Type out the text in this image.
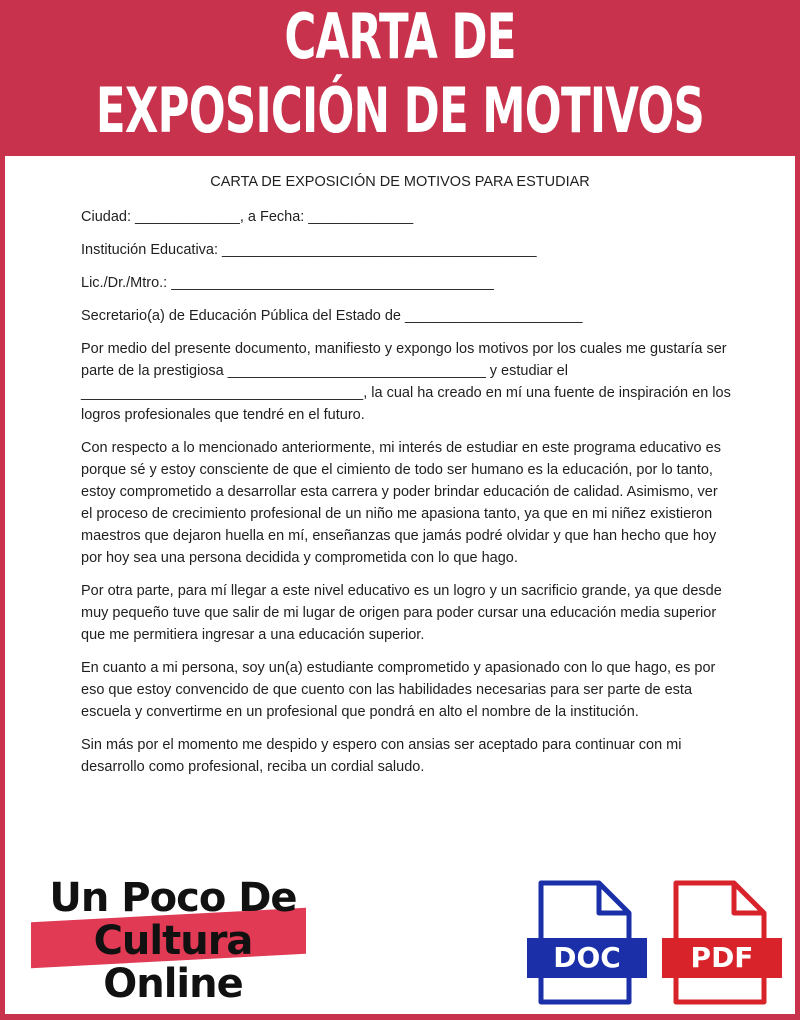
CARTA DE
EXPOSICIÓN DE MOTIVOS
CARTA DE EXPOSICIÓN DE MOTIVOS PARA ESTUDIAR

Ciudad: _____________, a Fecha: _____________

Institución Educativa: _______________________________________

Lic./Dr./Mtro.: ________________________________________

Secretario(a) de Educación Pública del Estado de ______________________

Por medio del presente documento, manifiesto y expongo los motivos por los cuales me gustaría ser parte de la prestigiosa ________________________________ y estudiar el ___________________________________, la cual ha creado en mí una fuente de inspiración en los logros profesionales que tendré en el futuro.

Con respecto a lo mencionado anteriormente, mi interés de estudiar en este programa educativo es porque sé y estoy consciente de que el cimiento de todo ser humano es la educación, por lo tanto, estoy comprometido a desarrollar esta carrera y poder brindar educación de calidad. Asimismo, ver el proceso de crecimiento profesional de un niño me apasiona tanto, ya que en mi niñez existieron maestros que dejaron huella en mí, enseñanzas que jamás podré olvidar y que han hecho que hoy por hoy sea una persona decidida y comprometida con lo que hago.

Por otra parte, para mí llegar a este nivel educativo es un logro y un sacrificio grande, ya que desde muy pequeño tuve que salir de mi lugar de origen para poder cursar una educación media superior que me permitiera ingresar a una educación superior.

En cuanto a mi persona, soy un(a) estudiante comprometido y apasionado con lo que hago, es por eso que estoy convencido de que cuento con las habilidades necesarias para ser parte de esta escuela y convertirme en un profesional que pondrá en alto el nombre de la institución.

Sin más por el momento me despido y espero con ansias ser aceptado para continuar con mi desarrollo como profesional, reciba un cordial saludo.

Un Poco De
Cultura
Online
DOC	PDF
